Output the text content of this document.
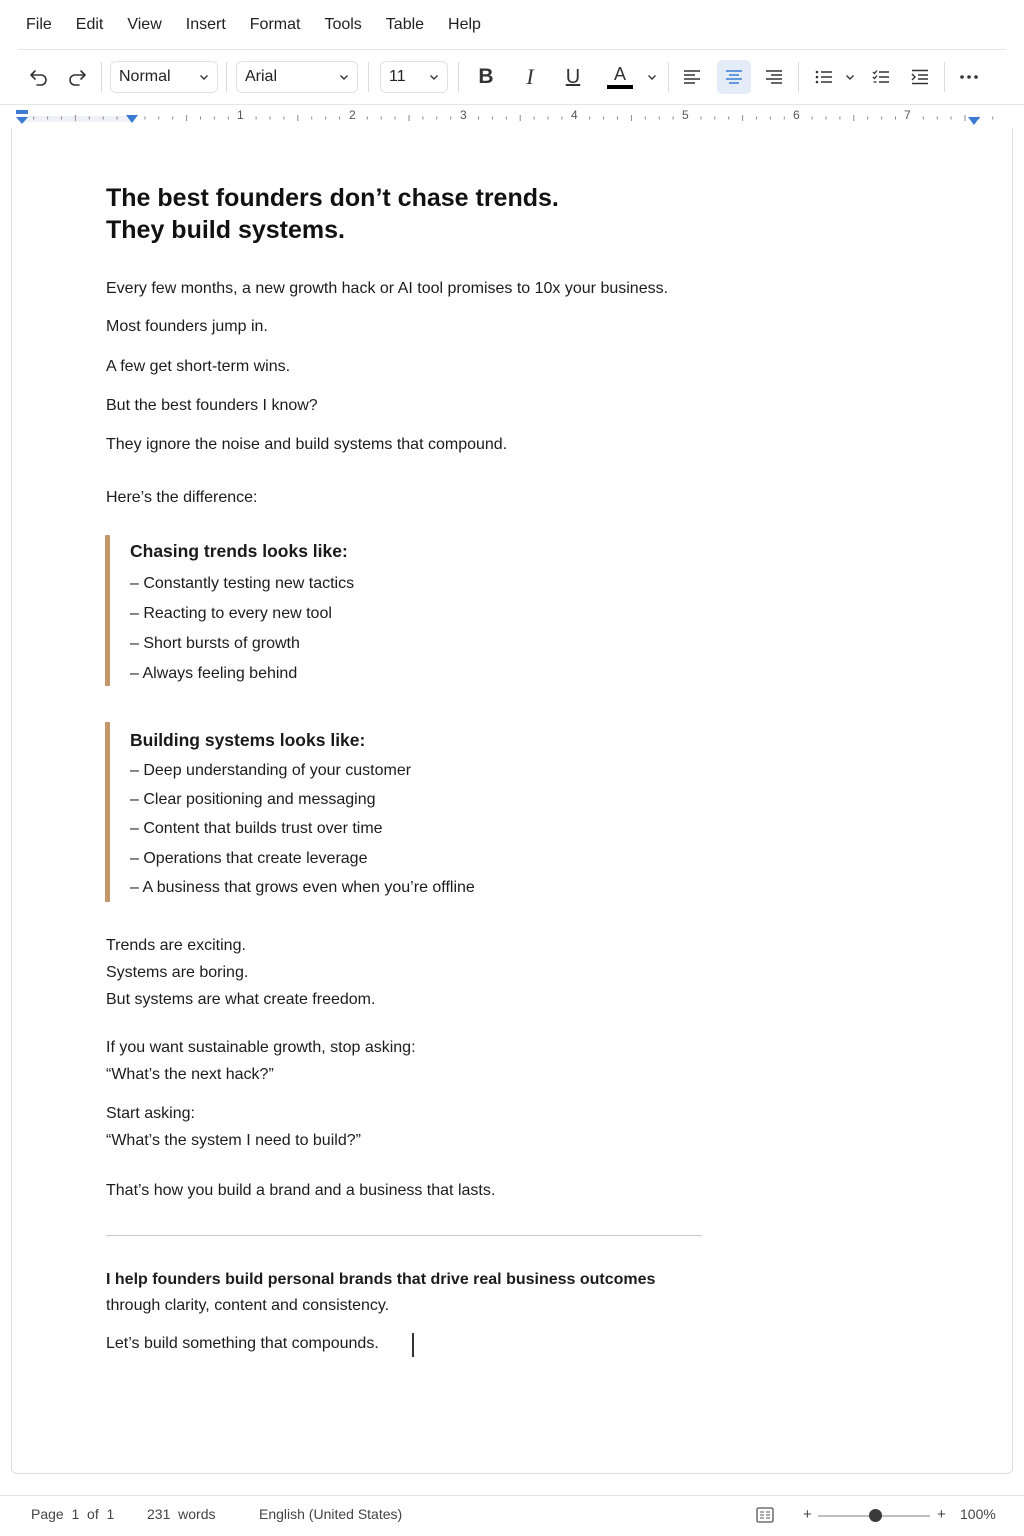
File Edit View Insert Format Tools Table Help
Normal	Arial	11	B	I	U	A
1	2	3	4	5	6	7
The best founders don’t chase trends.
They build systems.
Every few months, a new growth hack or AI tool promises to 10x your business.
Most founders jump in.
A few get short-term wins.
But the best founders I know?
They ignore the noise and build systems that compound.
Here’s the difference:
Chasing trends looks like:
– Constantly testing new tactics
– Reacting to every new tool
– Short bursts of growth
– Always feeling behind
Building systems looks like:
– Deep understanding of your customer
– Clear positioning and messaging
– Content that builds trust over time
– Operations that create leverage
– A business that grows even when you’re offline
Trends are exciting.
Systems are boring.
But systems are what create freedom.
If you want sustainable growth, stop asking:
“What’s the next hack?”
Start asking:
“What’s the system I need to build?”
That’s how you build a brand and a business that lasts.
I help founders build personal brands that drive real business outcomes
through clarity, content and consistency.
Let’s build something that compounds.
Page  1  of  1 231  words	English (United States)	+	+ 100%
